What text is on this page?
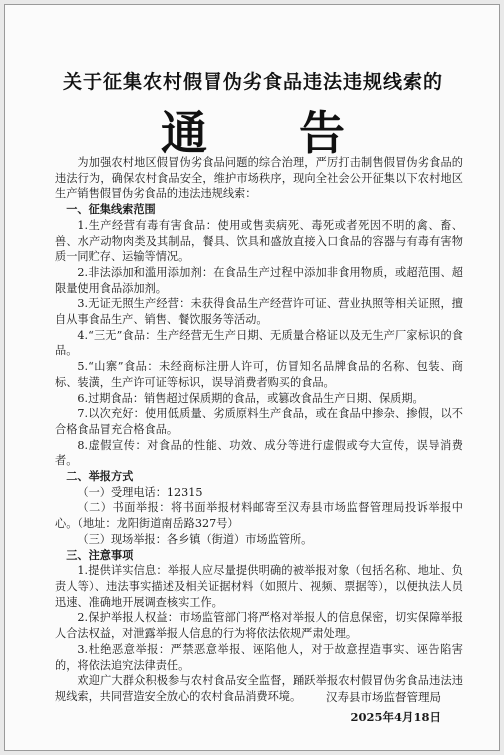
关于征集农村假冒伪劣食品违法违规线索的
通 告

为加强农村地区假冒伪劣食品问题的综合治理，严厉打击制售假冒伪劣食品的违法行为，确保农村食品安全，维护市场秩序，现向全社会公开征集以下农村地区生产销售假冒伪劣食品的违法违规线索：

一、征集线索范围

1.生产经营有毒有害食品：使用或售卖病死、毒死或者死因不明的禽、畜、兽、水产动物肉类及其制品，餐具、饮具和盛放直接入口食品的容器与有毒有害物质一同贮存、运输等情况。

2.非法添加和滥用添加剂：在食品生产过程中添加非食用物质，或超范围、超限量使用食品添加剂。

3.无证无照生产经营：未获得食品生产经营许可证、营业执照等相关证照，擅自从事食品生产、销售、餐饮服务等活动。

4.“三无”食品：生产经营无生产日期、无质量合格证以及无生产厂家标识的食品。

5.“山寨”食品：未经商标注册人许可，仿冒知名品牌食品的名称、包装、商标、装潢，生产许可证等标识，误导消费者购买的食品。

6.过期食品：销售超过保质期的食品，或篡改食品生产日期、保质期。

7.以次充好：使用低质量、劣质原料生产食品，或在食品中掺杂、掺假，以不合格食品冒充合格食品。

8.虚假宣传：对食品的性能、功效、成分等进行虚假或夸大宣传，误导消费者。

二、举报方式

（一）受理电话：12315

（二）书面举报：将书面举报材料邮寄至汉寿县市场监督管理局投诉举报中心。（地址：龙阳街道南岳路327号）

（三）现场举报：各乡镇（街道）市场监管所。

三、注意事项

1.提供详实信息：举报人应尽量提供明确的被举报对象（包括名称、地址、负责人等）、违法事实描述及相关证据材料（如照片、视频、票据等），以便执法人员迅速、准确地开展调查核实工作。

2.保护举报人权益：市场监管部门将严格对举报人的信息保密，切实保障举报人合法权益，对泄露举报人信息的行为将依法依规严肃处理。

3.杜绝恶意举报：严禁恶意举报、诬陷他人，对于故意捏造事实、诬告陷害的，将依法追究法律责任。

欢迎广大群众积极参与农村食品安全监督，踊跃举报农村假冒伪劣食品违法违规线索，共同营造安全放心的农村食品消费环境。	汉寿县市场监督管理局
2025年4月18日
